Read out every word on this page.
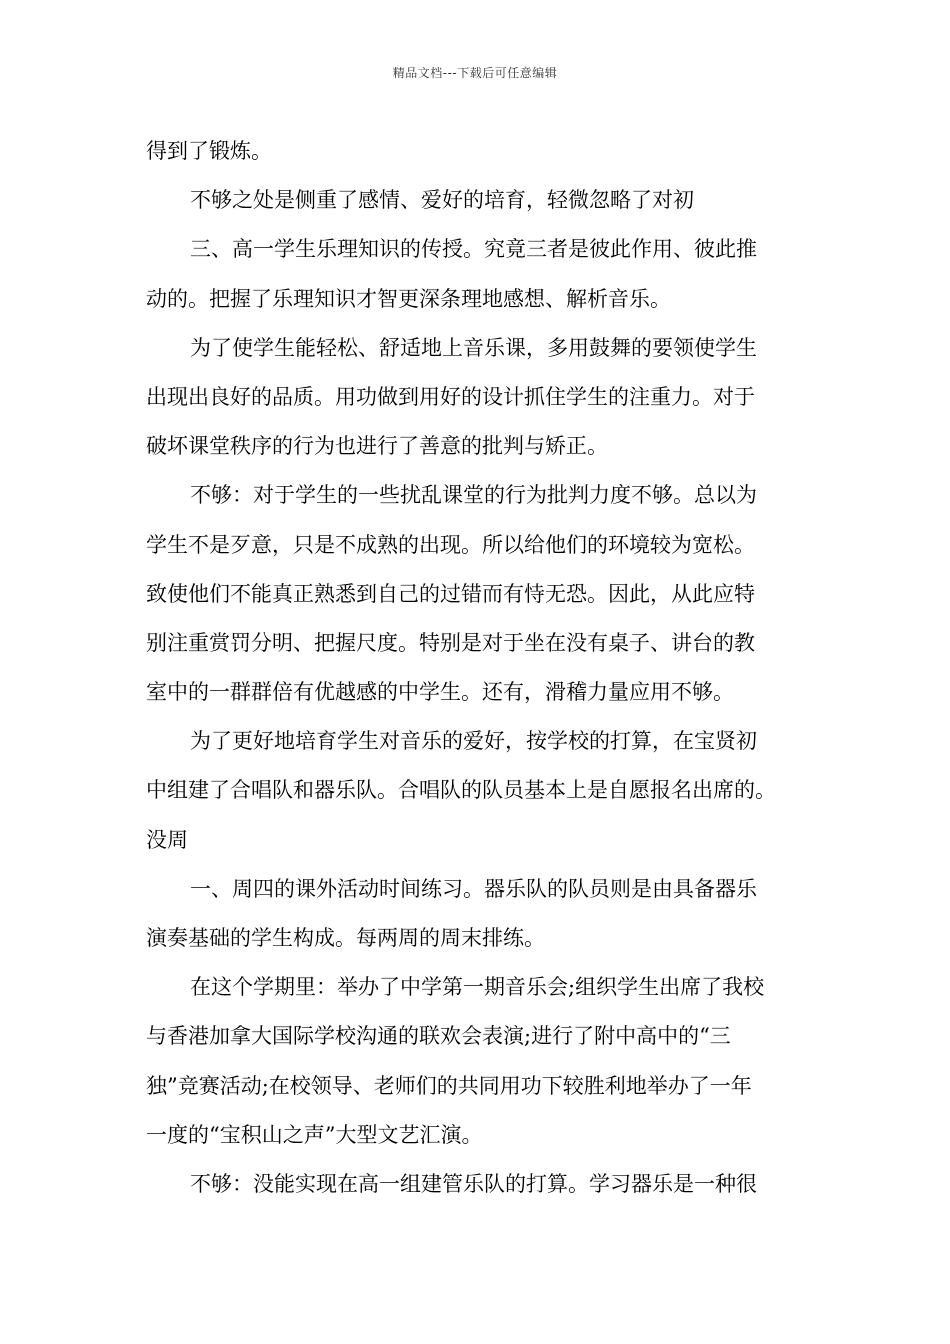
精品文档---下载后可任意编辑
得到了锻炼。
不够之处是侧重了感情、爱好的培育，轻微忽略了对初
三、高一学生乐理知识的传授。究竟三者是彼此作用、彼此推
动的。把握了乐理知识才智更深条理地感想、解析音乐。
为了使学生能轻松、舒适地上音乐课，多用鼓舞的要领使学生
出现出良好的品质。用功做到用好的设计抓住学生的注重力。对于
破坏课堂秩序的行为也进行了善意的批判与矫正。
不够：对于学生的一些扰乱课堂的行为批判力度不够。总以为
学生不是歹意，只是不成熟的出现。所以给他们的环境较为宽松。
致使他们不能真正熟悉到自己的过错而有恃无恐。因此，从此应特
别注重赏罚分明、把握尺度。特别是对于坐在没有桌子、讲台的教
室中的一群群倍有优越感的中学生。还有，滑稽力量应用不够。
为了更好地培育学生对音乐的爱好，按学校的打算，在宝贤初
中组建了合唱队和器乐队。合唱队的队员基本上是自愿报名出席的。
没周
一、周四的课外活动时间练习。器乐队的队员则是由具备器乐
演奏基础的学生构成。每两周的周末排练。
在这个学期里：举办了中学第一期音乐会;组织学生出席了我校
与香港加拿大国际学校沟通的联欢会表演;进行了附中高中的“三
独”竞赛活动;在校领导、老师们的共同用功下较胜利地举办了一年
一度的“宝积山之声”大型文艺汇演。
不够：没能实现在高一组建管乐队的打算。学习器乐是一种很
